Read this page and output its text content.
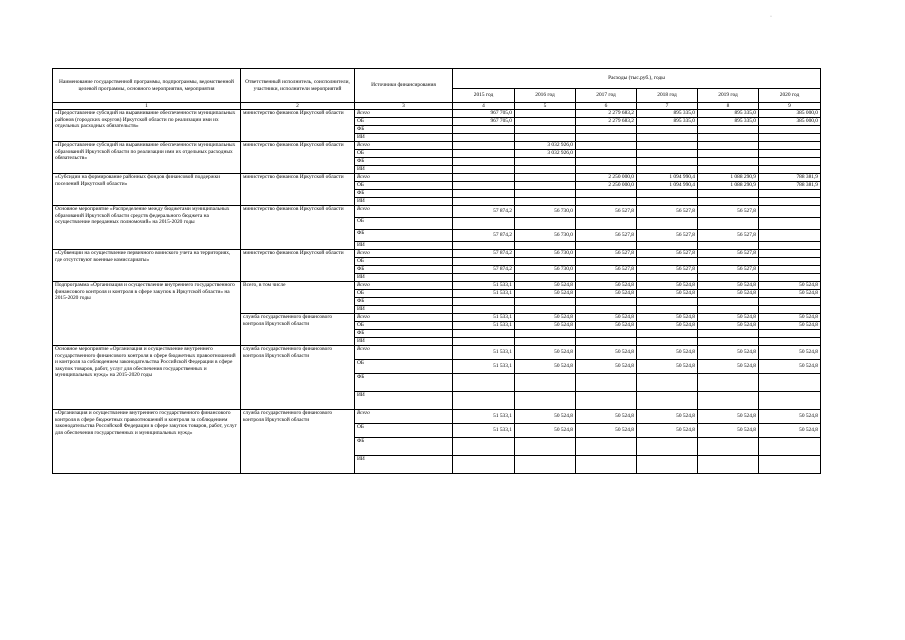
·
Наименование государственной программы, подпрограммы, ведомственной целевой программы, основного мероприятия, мероприятия	Ответственный исполнитель, соисполнители, участники, исполнители мероприятий	Источники финансирования	Расходы (тыс.руб.), годы					
			2015 год	2016 год	2017 год	2018 год	2019 год	2020 год
1	2	3	4	5	6	7	8	9
«Предоставление субсидий на выравнивание обеспеченности муниципальных районов (городских округов) Иркутской области по реализации ими их отдельных расходных обязательств»	министерство финансов Иркутской области	Всего	967 705,0		2 279 683,2	895 335,0	895 335,0	385 000,0
		ОБ	967 705,0		2 279 683,2	895 335,0	895 335,0	385 000,0
		ФБ						
		ИИ						
«Предоставление субсидий на выравнивание обеспеченности муниципальных образований Иркутской области по реализации ими их отдельных расходных обязательств»	министерство финансов Иркутской области	Всего		3 032 926,0				
		ОБ		3 032 926,0				
		ФБ						
		ИИ						
«Субсидии на формирование районных фондов финансовой поддержки поселений Иркутской области»	министерство финансов Иркутской области	Всего			2 250 000,0	1 094 990,4	1 088 290,9	788 381,9
		ОБ			2 250 000,0	1 094 990,4	1 088 290,9	788 381,9
		ФБ						
		ИИ						
Основное мероприятие «Распределение между бюджетами муниципальных образований Иркутской области средств федерального бюджета на осуществление переданных полномочий» на 2015-2020 годы	министерство финансов Иркутской области	Всего	57 874,2	56 730,0	56 527,8	56 527,8	56 527,8	
		ОБ						
		ФБ	57 874,2	56 730,0	56 527,8	56 527,8	56 527,8	
		ИИ						
«Субвенции на осуществление первичного воинского учета на территориях, где отсутствуют военные комиссариаты»	министерство финансов Иркутской области	Всего	57 874,2	56 730,0	56 527,8	56 527,8	56 527,8	
		ОБ						
		ФБ	57 874,2	56 730,0	56 527,8	56 527,8	56 527,8	
		ИИ						
Подпрограмма «Организация и осуществление внутреннего государственного финансового контроля и контроля в сфере закупок в Иркутской области» на 2015-2020 годы	Всего, в том числе	Всего	51 533,1	50 524,8	50 524,8	50 524,8	50 524,8	50 524,8
		ОБ	51 533,1	50 524,8	50 524,8	50 524,8	50 524,8	50 524,8
		ФБ						
		ИИ						
	служба государственного финансового контроля Иркутской области	Всего	51 533,1	50 524,8	50 524,8	50 524,8	50 524,8	50 524,8
		ОБ	51 533,1	50 524,8	50 524,8	50 524,8	50 524,8	50 524,8
		ФБ						
		ИИ						
Основное мероприятие «Организация и осуществление внутреннего государственного финансового контроля в сфере бюджетных правоотношений и контроля за соблюдением законодательства Российской Федерации в сфере закупок товаров, работ, услуг для обеспечения государственных и муниципальных нужд» на 2015-2020 годы	служба государственного финансового контроля Иркутской области	Всего	51 533,1	50 524,8	50 524,8	50 524,8	50 524,8	50 524,8
		ОБ	51 533,1	50 524,8	50 524,8	50 524,8	50 524,8	50 524,8
		ФБ						
		ИИ						
«Организация и осуществление внутреннего государственного финансового контроля в сфере бюджетных правоотношений и контроля за соблюдением законодательства Российской Федерации в сфере закупок товаров, работ, услуг для обеспечения государственных и муниципальных нужд»	служба государственного финансового контроля Иркутской области	Всего	51 533,1	50 524,8	50 524,8	50 524,8	50 524,8	50 524,8
		ОБ	51 533,1	50 524,8	50 524,8	50 524,8	50 524,8	50 524,8
		ФБ						
		ИИ						
